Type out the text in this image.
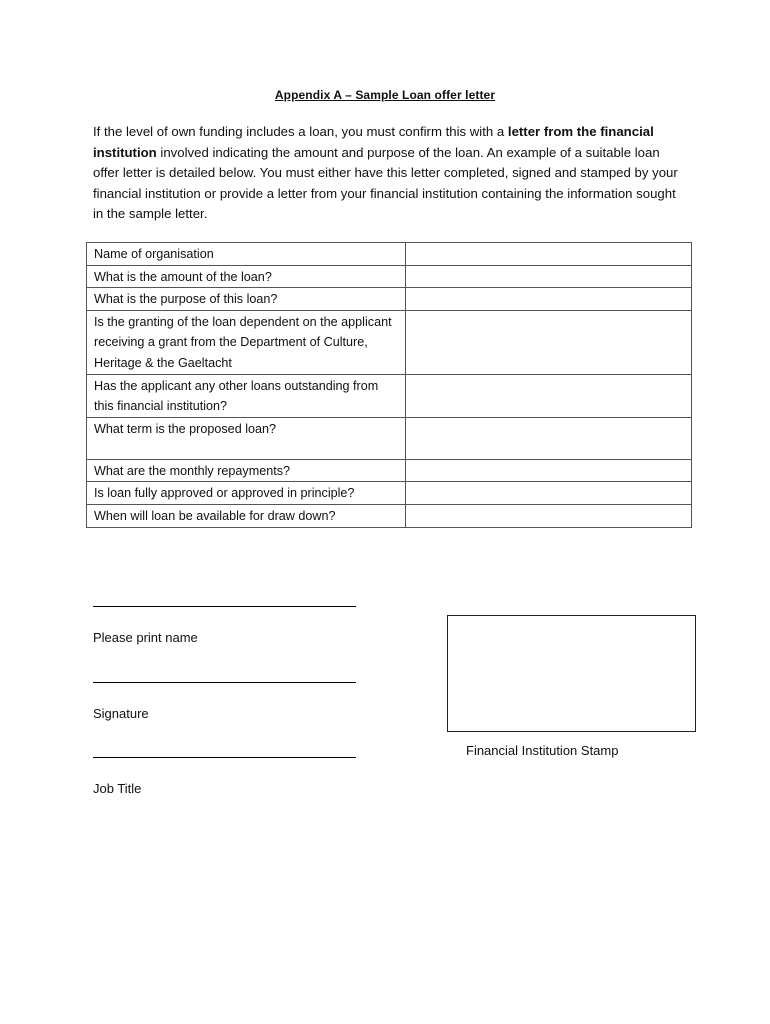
Appendix A – Sample Loan offer letter
If the level of own funding includes a loan, you must confirm this with a letter from the financial institution involved indicating the amount and purpose of the loan. An example of a suitable loan offer letter is detailed below. You must either have this letter completed, signed and stamped by your financial institution or provide a letter from your financial institution containing the information sought in the sample letter.
Name of organisation	
What is the amount of the loan?	
What is the purpose of this loan?	
Is the granting of the loan dependent on the applicant receiving a grant from the Department of Culture, Heritage & the Gaeltacht	
Has the applicant any other loans outstanding from this financial institution?	
What term is the proposed loan?	
What are the monthly repayments?	
Is loan fully approved or approved in principle?	
When will loan be available for draw down?	
Please print name
Signature
Job Title
Financial Institution Stamp
